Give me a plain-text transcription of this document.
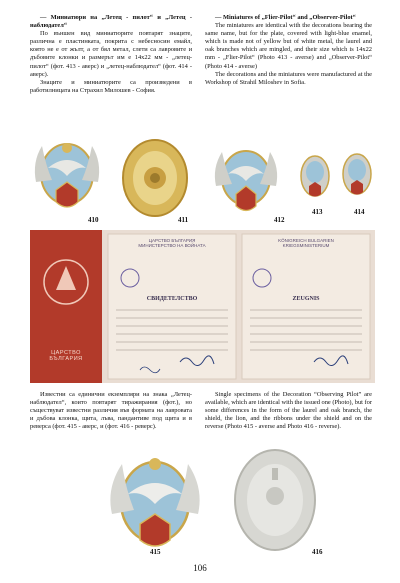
— Миниатюри на „Летец - пилот“ и „Летец - наблюдател“

По външен вид миниатюрите повтарят знаците, различна е пластинката, покрита с небесносин емайл, която не е от жълт, а от бял метал, слети са лавровите и дъбовите клонки и размерът им е 14x22 мм - „летец-пилот“ (фот. 413 - аверс) и „летец-наблюдател“ (фот. 414 - аверс).

Знаците и миниатюрите са произведени в работилницата на Страхил Милошев - София.

— Miniatures of „Flier-Pilot“ and „Observer-Pilot“

The miniatures are identical with the decorations bearing the same name, but for the plate, covered with light-blue enamel, which is made not of yellow but of white metal, the laurel and oak branches which are mingled, and their size which is 14x22 mm - „Flier-Pilot“ (Photo 413 - averse) and „Observer-Pilot“ (Photo 414 - averse)

The decorations and the miniatures were manufactured at the Workshop of Strahil Miloshev in Sofia.

410	411	412
413	414
ЦАРСТВО
БЪЛГАРИЯ
ЦАРСТВО БЪЛГАРИЯ
МИНИСТЕРСТВО НА ВОЙНАТА
СВИДЕТЕЛСТВО
KÖNIGREICH BULGARIEN
KRIEGSMINISTERIUM
ZEUGNIS

Известни са единични екземпляри на знака „Летец-наблюдател“, които повтарят тиражирания (фот.), но съществуват известни различия във формата на лавровата и дъбова клонка, щита, лъва, пандантиве под щита и в реверса (фот. 415 - аверс, и (фот. 416 - реверс).

Single specimens of the Decoration “Observing Pilot” are available, which are identical with the issued one (Photo), but for some differences in the form of the laurel and oak branch, the shield, the lion, and the ribbons under the shield and on the reverse (Photo 415 - averse and Photo 416 - reverse).

415	416
106
